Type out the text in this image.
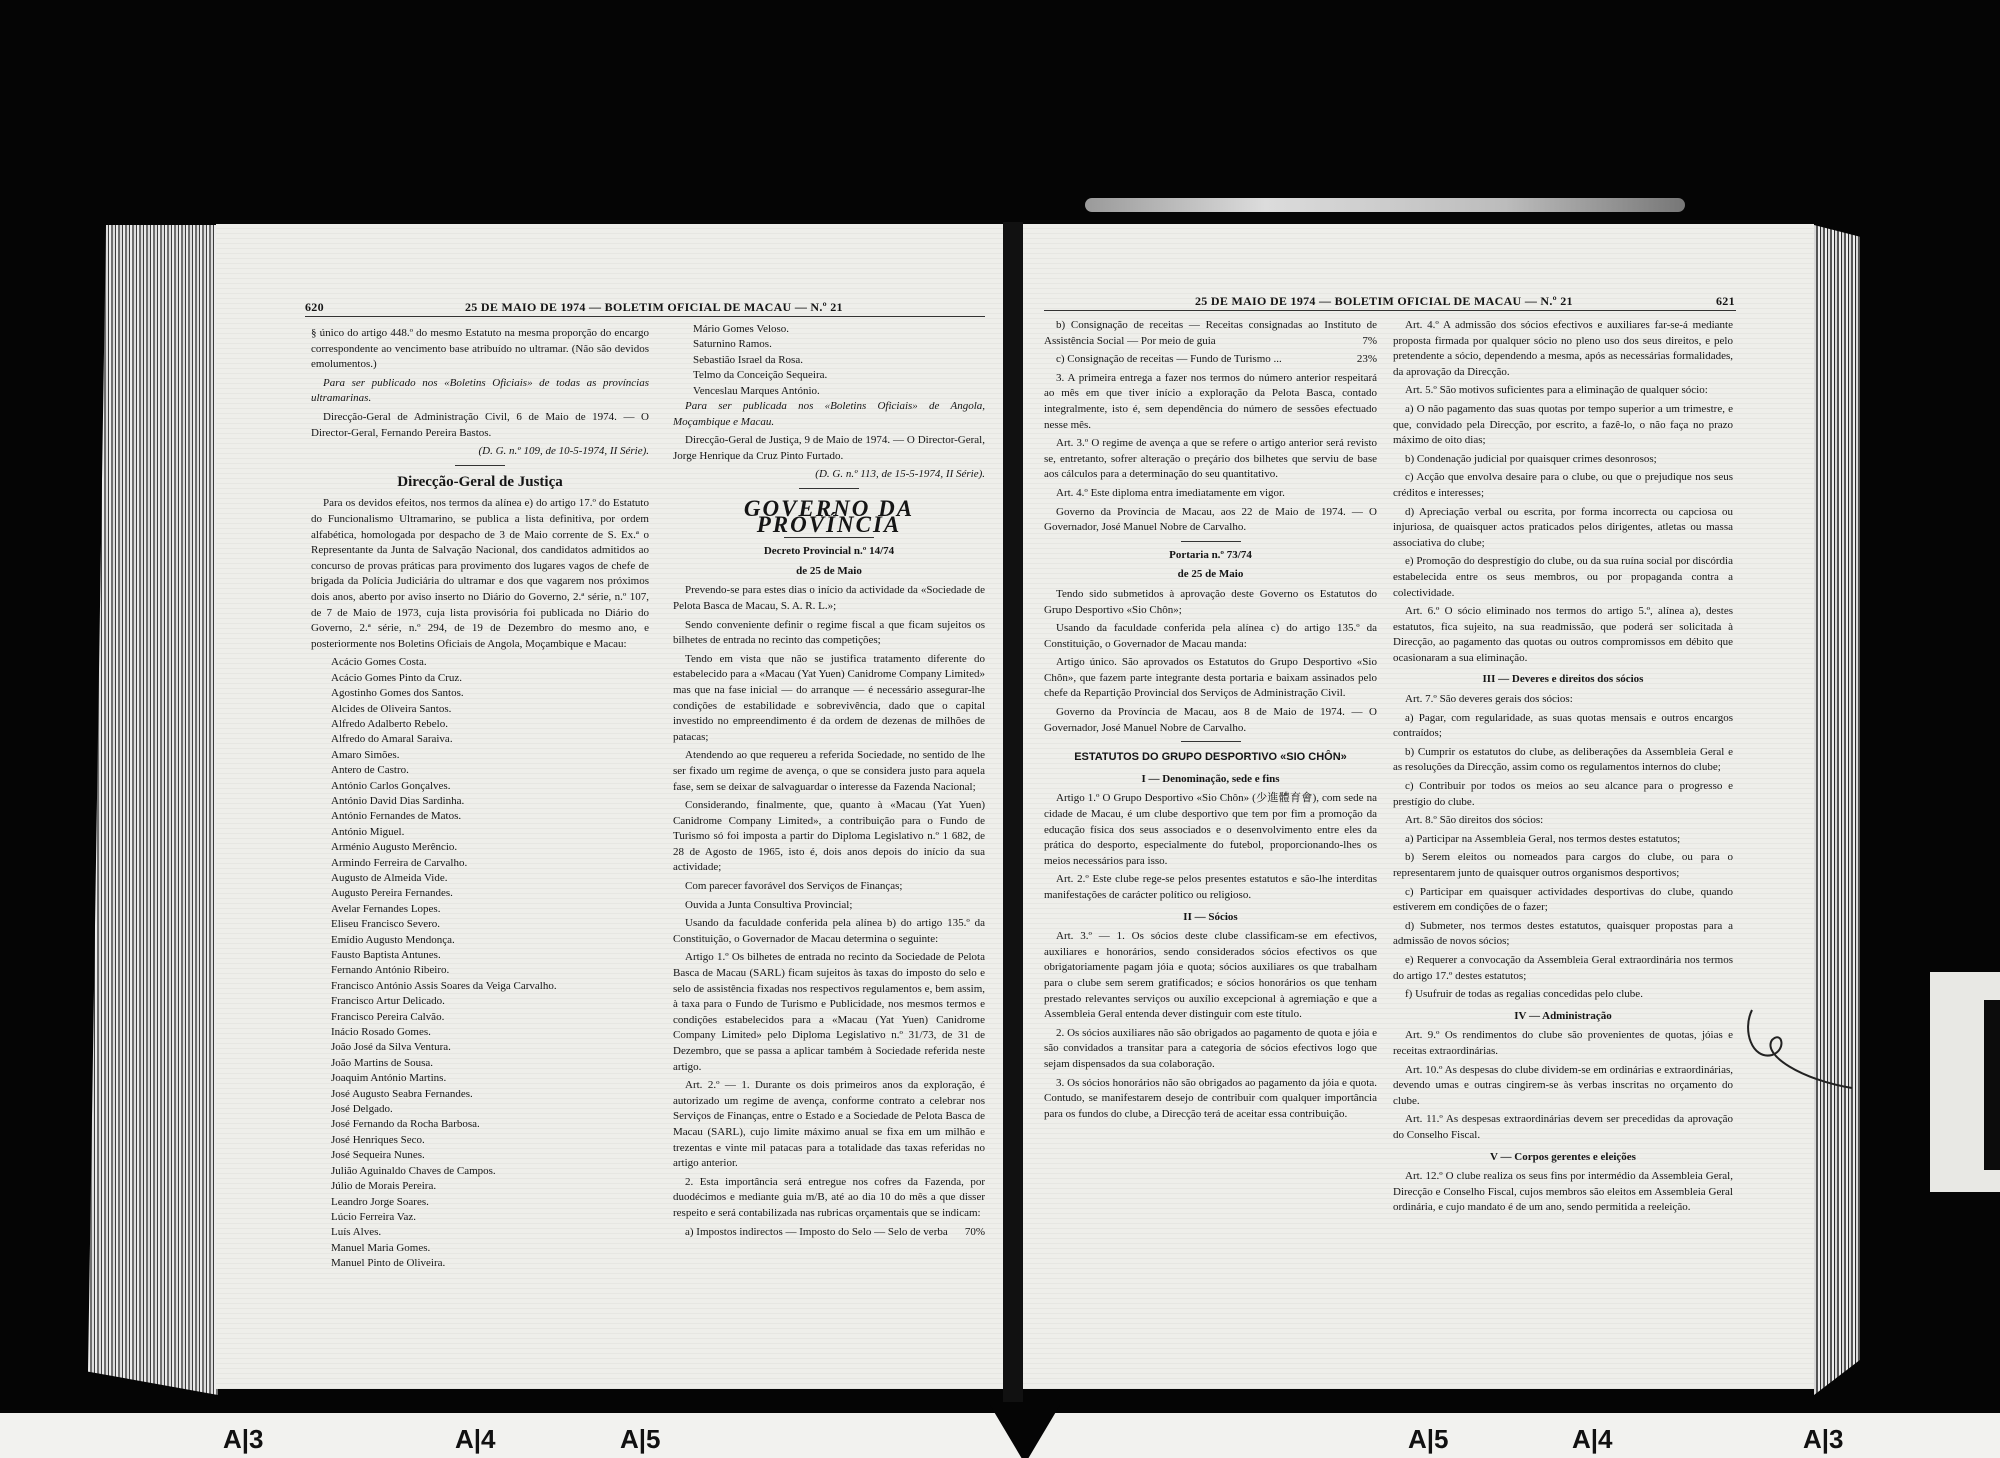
620	25 DE MAIO DE 1974 — BOLETIM OFICIAL DE MACAU — N.º 21	25 DE MAIO DE 1974 — BOLETIM OFICIAL DE MACAU — N.º 21	621

§ único do artigo 448.º do mesmo Estatuto na mesma proporção do encargo correspondente ao vencimento base atribuído no ultramar. (Não são devidos emolumentos.)

Para ser publicado nos «Boletins Oficiais» de todas as províncias ultramarinas.

Direcção-Geral de Administração Civil, 6 de Maio de 1974. — O Director-Geral, Fernando Pereira Bastos.

(D. G. n.º 109, de 10-5-1974, II Série).

Direcção-Geral de Justiça

Para os devidos efeitos, nos termos da alínea e) do artigo 17.º do Estatuto do Funcionalismo Ultramarino, se publica a lista definitiva, por ordem alfabética, homologada por despacho de 3 de Maio corrente de S. Ex.ª o Representante da Junta de Salvação Nacional, dos candidatos admitidos ao concurso de provas práticas para provimento dos lugares vagos de chefe de brigada da Polícia Judiciária do ultramar e dos que vagarem nos próximos dois anos, aberto por aviso inserto no Diário do Governo, 2.ª série, n.º 107, de 7 de Maio de 1973, cuja lista provisória foi publicada no Diário do Governo, 2.ª série, n.º 294, de 19 de Dezembro do mesmo ano, e posteriormente nos Boletins Oficiais de Angola, Moçambique e Macau:

Acácio Gomes Costa.
Acácio Gomes Pinto da Cruz.
Agostinho Gomes dos Santos.
Alcides de Oliveira Santos.
Alfredo Adalberto Rebelo.
Alfredo do Amaral Saraiva.
Amaro Simões.
Antero de Castro.
António Carlos Gonçalves.
António David Dias Sardinha.
António Fernandes de Matos.
António Miguel.
Arménio Augusto Merêncio.
Armindo Ferreira de Carvalho.
Augusto de Almeida Vide.
Augusto Pereira Fernandes.
Avelar Fernandes Lopes.
Eliseu Francisco Severo.
Emídio Augusto Mendonça.
Fausto Baptista Antunes.
Fernando António Ribeiro.
Francisco António Assis Soares da Veiga Carvalho.
Francisco Artur Delicado.
Francisco Pereira Calvão.
Inácio Rosado Gomes.
João José da Silva Ventura.
João Martins de Sousa.
Joaquim António Martins.
José Augusto Seabra Fernandes.
José Delgado.
José Fernando da Rocha Barbosa.
José Henriques Seco.
José Sequeira Nunes.
Julião Aguinaldo Chaves de Campos.
Júlio de Morais Pereira.
Leandro Jorge Soares.
Lúcio Ferreira Vaz.
Luís Alves.
Manuel Maria Gomes.
Manuel Pinto de Oliveira.
Mário Gomes Veloso.
Saturnino Ramos.
Sebastião Israel da Rosa.
Telmo da Conceição Sequeira.
Venceslau Marques António.

Para ser publicada nos «Boletins Oficiais» de Angola, Moçambique e Macau.

Direcção-Geral de Justiça, 9 de Maio de 1974. — O Director-Geral, Jorge Henrique da Cruz Pinto Furtado.

(D. G. n.º 113, de 15-5-1974, II Série).

GOVERNO DA PROVÍNCIA
Decreto Provincial n.º 14/74
de 25 de Maio

Prevendo-se para estes dias o início da actividade da «Sociedade de Pelota Basca de Macau, S. A. R. L.»;

Sendo conveniente definir o regime fiscal a que ficam sujeitos os bilhetes de entrada no recinto das competições;

Tendo em vista que não se justifica tratamento diferente do estabelecido para a «Macau (Yat Yuen) Canidrome Company Limited» mas que na fase inicial — do arranque — é necessário assegurar-lhe condições de estabilidade e sobrevivência, dado que o capital investido no empreendimento é da ordem de dezenas de milhões de patacas;

Atendendo ao que requereu a referida Sociedade, no sentido de lhe ser fixado um regime de avença, o que se considera justo para aquela fase, sem se deixar de salvaguardar o interesse da Fazenda Nacional;

Considerando, finalmente, que, quanto à «Macau (Yat Yuen) Canidrome Company Limited», a contribuição para o Fundo de Turismo só foi imposta a partir do Diploma Legislativo n.º 1 682, de 28 de Agosto de 1965, isto é, dois anos depois do início da sua actividade;

Com parecer favorável dos Serviços de Finanças;

Ouvida a Junta Consultiva Provincial;

Usando da faculdade conferida pela alínea b) do artigo 135.º da Constituição, o Governador de Macau determina o seguinte:

Artigo 1.º Os bilhetes de entrada no recinto da Sociedade de Pelota Basca de Macau (SARL) ficam sujeitos às taxas do imposto do selo e selo de assistência fixadas nos respectivos regulamentos e, bem assim, à taxa para o Fundo de Turismo e Publicidade, nos mesmos termos e condições estabelecidos para a «Macau (Yat Yuen) Canidrome Company Limited» pelo Diploma Legislativo n.º 31/73, de 31 de Dezembro, que se passa a aplicar também à Sociedade referida neste artigo.

Art. 2.º — 1. Durante os dois primeiros anos da exploração, é autorizado um regime de avença, conforme contrato a celebrar nos Serviços de Finanças, entre o Estado e a Sociedade de Pelota Basca de Macau (SARL), cujo limite máximo anual se fixa em um milhão e trezentas e vinte mil patacas para a totalidade das taxas referidas no artigo anterior.

2. Esta importância será entregue nos cofres da Fazenda, por duodécimos e mediante guia m/B, até ao dia 10 do mês a que disser respeito e será contabilizada nas rubricas orçamentais que se indicam:

a) Impostos indirectos — Imposto do Selo — Selo de verba	70%

b) Consignação de receitas — Receitas consignadas ao Instituto de Assistência Social — Por meio de guia	7%

c) Consignação de receitas — Fundo de Turismo ...	23%

3. A primeira entrega a fazer nos termos do número anterior respeitará ao mês em que tiver início a exploração da Pelota Basca, contado integralmente, isto é, sem dependência do número de sessões efectuado nesse mês.

Art. 3.º O regime de avença a que se refere o artigo anterior será revisto se, entretanto, sofrer alteração o preçário dos bilhetes que serviu de base aos cálculos para a determinação do seu quantitativo.

Art. 4.º Este diploma entra imediatamente em vigor.

Governo da Província de Macau, aos 22 de Maio de 1974. — O Governador, José Manuel Nobre de Carvalho.

Portaria n.º 73/74
de 25 de Maio

Tendo sido submetidos à aprovação deste Governo os Estatutos do Grupo Desportivo «Sio Chôn»;

Usando da faculdade conferida pela alínea c) do artigo 135.º da Constituição, o Governador de Macau manda:

Artigo único. São aprovados os Estatutos do Grupo Desportivo «Sio Chôn», que fazem parte integrante desta portaria e baixam assinados pelo chefe da Repartição Provincial dos Serviços de Administração Civil.

Governo da Província de Macau, aos 8 de Maio de 1974. — O Governador, José Manuel Nobre de Carvalho.

ESTATUTOS DO GRUPO DESPORTIVO «SIO CHÔN»
I — Denominação, sede e fins

Artigo 1.º O Grupo Desportivo «Sio Chôn» (少進體育會), com sede na cidade de Macau, é um clube desportivo que tem por fim a promoção da educação física dos seus associados e o desenvolvimento entre eles da prática do desporto, especialmente do futebol, proporcionando-lhes os meios necessários para isso.

Art. 2.º Este clube rege-se pelos presentes estatutos e são-lhe interditas manifestações de carácter político ou religioso.

II — Sócios

Art. 3.º — 1. Os sócios deste clube classificam-se em efectivos, auxiliares e honorários, sendo considerados sócios efectivos os que obrigatoriamente pagam jóia e quota; sócios auxiliares os que trabalham para o clube sem serem gratificados; e sócios honorários os que tenham prestado relevantes serviços ou auxílio excepcional à agremiação e que a Assembleia Geral entenda dever distinguir com este título.

2. Os sócios auxiliares não são obrigados ao pagamento de quota e jóia e são convidados a transitar para a categoria de sócios efectivos logo que sejam dispensados da sua colaboração.

3. Os sócios honorários não são obrigados ao pagamento da jóia e quota. Contudo, se manifestarem desejo de contribuir com qualquer importância para os fundos do clube, a Direcção terá de aceitar essa contribuição.

Art. 4.º A admissão dos sócios efectivos e auxiliares far-se-á mediante proposta firmada por qualquer sócio no pleno uso dos seus direitos, e pelo pretendente a sócio, dependendo a mesma, após as necessárias formalidades, da aprovação da Direcção.

Art. 5.º São motivos suficientes para a eliminação de qualquer sócio:

a) O não pagamento das suas quotas por tempo superior a um trimestre, e que, convidado pela Direcção, por escrito, a fazê-lo, o não faça no prazo máximo de oito dias;

b) Condenação judicial por quaisquer crimes desonrosos;

c) Acção que envolva desaire para o clube, ou que o prejudique nos seus créditos e interesses;

d) Apreciação verbal ou escrita, por forma incorrecta ou capciosa ou injuriosa, de quaisquer actos praticados pelos dirigentes, atletas ou massa associativa do clube;

e) Promoção do desprestígio do clube, ou da sua ruína social por discórdia estabelecida entre os seus membros, ou por propaganda contra a colectividade.

Art. 6.º O sócio eliminado nos termos do artigo 5.º, alínea a), destes estatutos, fica sujeito, na sua readmissão, que poderá ser solicitada à Direcção, ao pagamento das quotas ou outros compromissos em débito que ocasionaram a sua eliminação.

III — Deveres e direitos dos sócios

Art. 7.º São deveres gerais dos sócios:

a) Pagar, com regularidade, as suas quotas mensais e outros encargos contraídos;

b) Cumprir os estatutos do clube, as deliberações da Assembleia Geral e as resoluções da Direcção, assim como os regulamentos internos do clube;

c) Contribuir por todos os meios ao seu alcance para o progresso e prestígio do clube.

Art. 8.º São direitos dos sócios:

a) Participar na Assembleia Geral, nos termos destes estatutos;

b) Serem eleitos ou nomeados para cargos do clube, ou para o representarem junto de quaisquer outros organismos desportivos;

c) Participar em quaisquer actividades desportivas do clube, quando estiverem em condições de o fazer;

d) Submeter, nos termos destes estatutos, quaisquer propostas para a admissão de novos sócios;

e) Requerer a convocação da Assembleia Geral extraordinária nos termos do artigo 17.º destes estatutos;

f) Usufruir de todas as regalias concedidas pelo clube.

IV — Administração

Art. 9.º Os rendimentos do clube são provenientes de quotas, jóias e receitas extraordinárias.

Art. 10.º As despesas do clube dividem-se em ordinárias e extraordinárias, devendo umas e outras cingirem-se às verbas inscritas no orçamento do clube.

Art. 11.º As despesas extraordinárias devem ser precedidas da aprovação do Conselho Fiscal.

V — Corpos gerentes e eleições

Art. 12.º O clube realiza os seus fins por intermédio da Assembleia Geral, Direcção e Conselho Fiscal, cujos membros são eleitos em Assembleia Geral ordinária, e cujo mandato é de um ano, sendo permitida a reeleição.

A|3	A|4	A|5	A|5	A|4	A|3
